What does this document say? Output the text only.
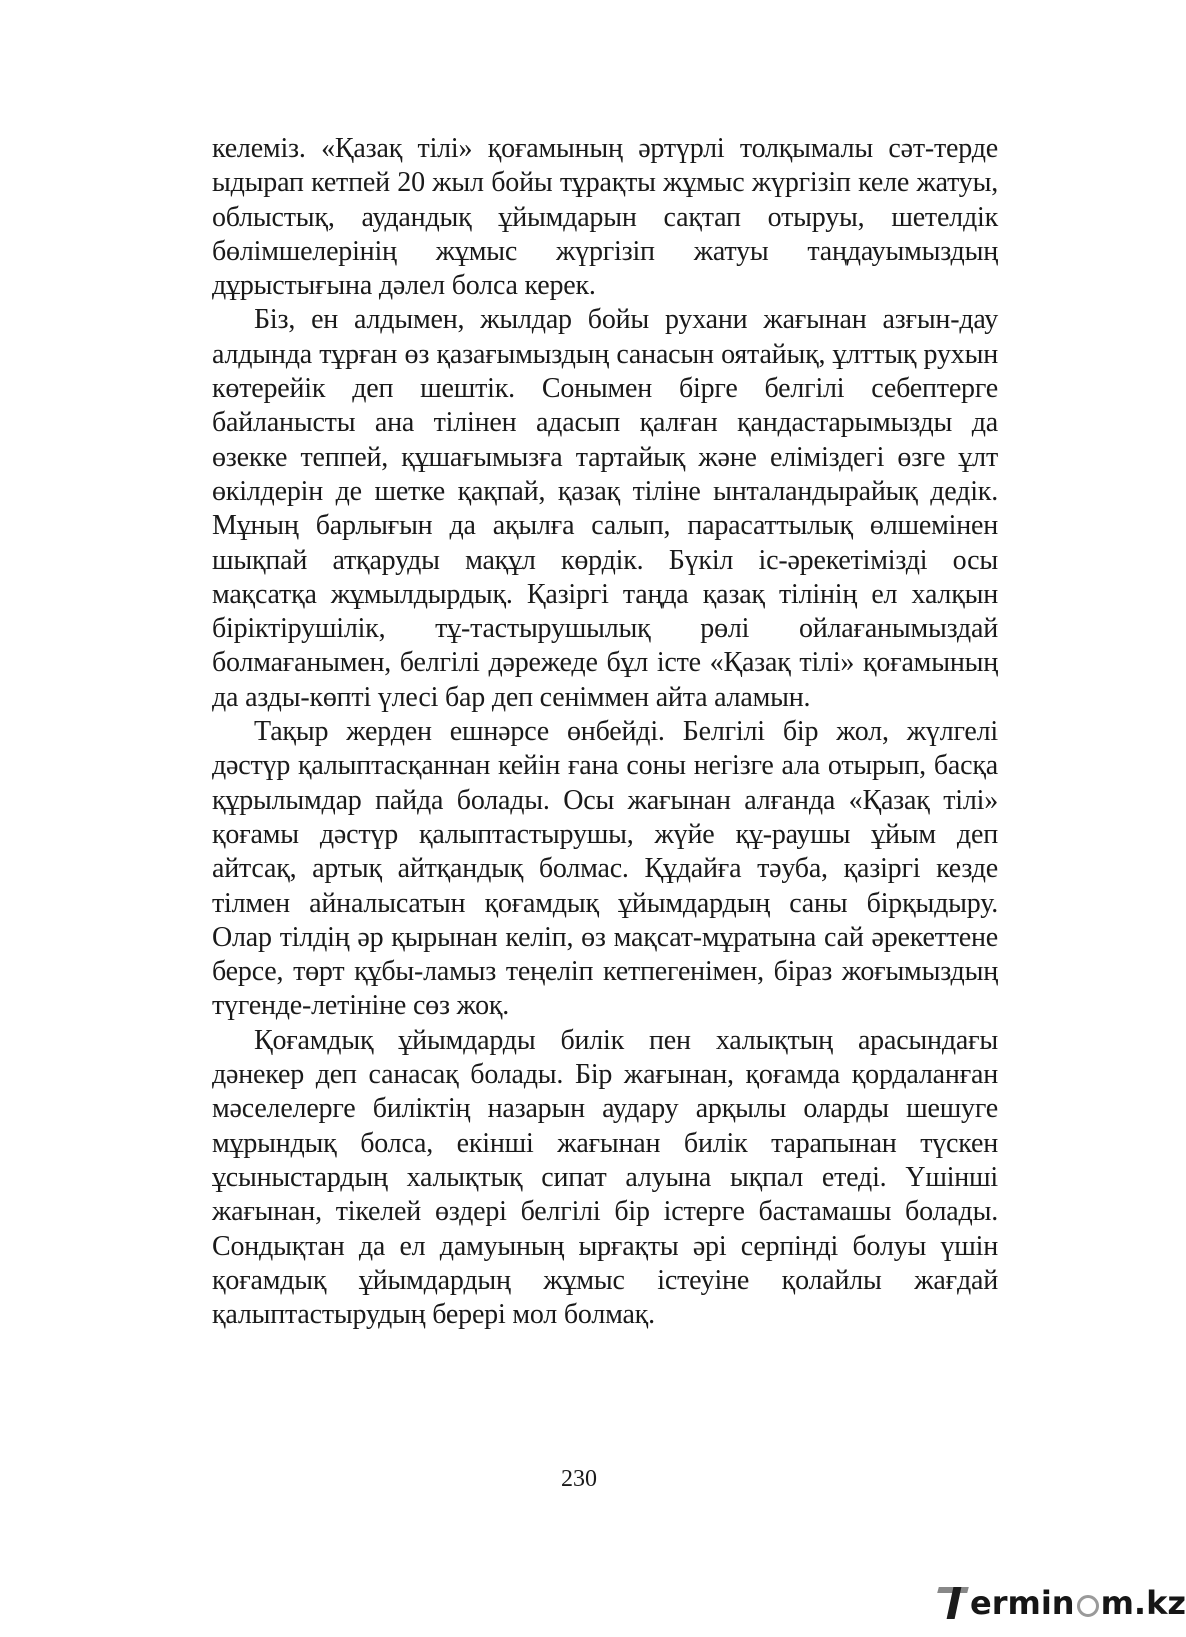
келеміз. «Қазақ тілі» қоғамының әртүрлі толқымалы сәт-терде ыдырап кетпей 20 жыл бойы тұрақты жұмыс жүргізіп келе жатуы, облыстық, аудандық ұйымдарын сақтап отыруы, шетелдік бөлімшелерінің жұмыс жүргізіп жатуы таңдауымыздың дұрыстығына дәлел болса керек.

Біз, ен алдымен, жылдар бойы рухани жағынан азғын-дау алдында тұрған өз қазағымыздың санасын оятайық, ұлттық рухын көтерейік деп шештік. Сонымен бірге белгілі себептерге байланысты ана тілінен адасып қалған қандастарымызды да өзекке теппей, құшағымызға тартайық және еліміздегі өзге ұлт өкілдерін де шетке қақпай, қазақ тіліне ынталандырайық дедік. Мұның барлығын да ақылға салып, парасаттылық өлшемінен шықпай атқаруды мақұл көрдік. Бүкіл іс-әрекетімізді осы мақсатқа жұмылдырдық. Қазіргі таңда қазақ тілінің ел халқын біріктірушілік, тұ-тастырушылық рөлі ойлағанымыздай болмағанымен, белгілі дәрежеде бұл істе «Қазақ тілі» қоғамының да азды-көпті үлесі бар деп сеніммен айта аламын.

Тақыр жерден ешнәрсе өнбейді. Белгілі бір жол, жүлгелі дәстүр қалыптасқаннан кейін ғана соны негізге ала отырып, басқа құрылымдар пайда болады. Осы жағынан алғанда «Қазақ тілі» қоғамы дәстүр қалыптастырушы, жүйе құ-раушы ұйым деп айтсақ, артық айтқандық болмас. Құдайға тәуба, қазіргі кезде тілмен айналысатын қоғамдық ұйымдардың саны бірқыдыру. Олар тілдің әр қырынан келіп, өз мақсат-мұратына сай әрекеттене берсе, төрт құбы-ламыз теңеліп кетпегенімен, біраз жоғымыздың түгенде-летініне сөз жоқ.

Қоғамдық ұйымдарды билік пен халықтың арасындағы дәнекер деп санасақ болады. Бір жағынан, қоғамда қордаланған мәселелерге биліктің назарын аудару арқылы оларды шешуге мұрындық болса, екінші жағынан билік тарапынан түскен ұсыныстардың халықтық сипат алуына ықпал етеді. Үшінші жағынан, тікелей өздері белгілі бір істерге бастамашы болады. Сондықтан да ел дамуының ырғақты әрі серпінді болуы үшін қоғамдық ұйымдардың жұмыс істеуіне қолайлы жағдай қалыптастырудың берері мол болмақ.

230
ermin m.kz
